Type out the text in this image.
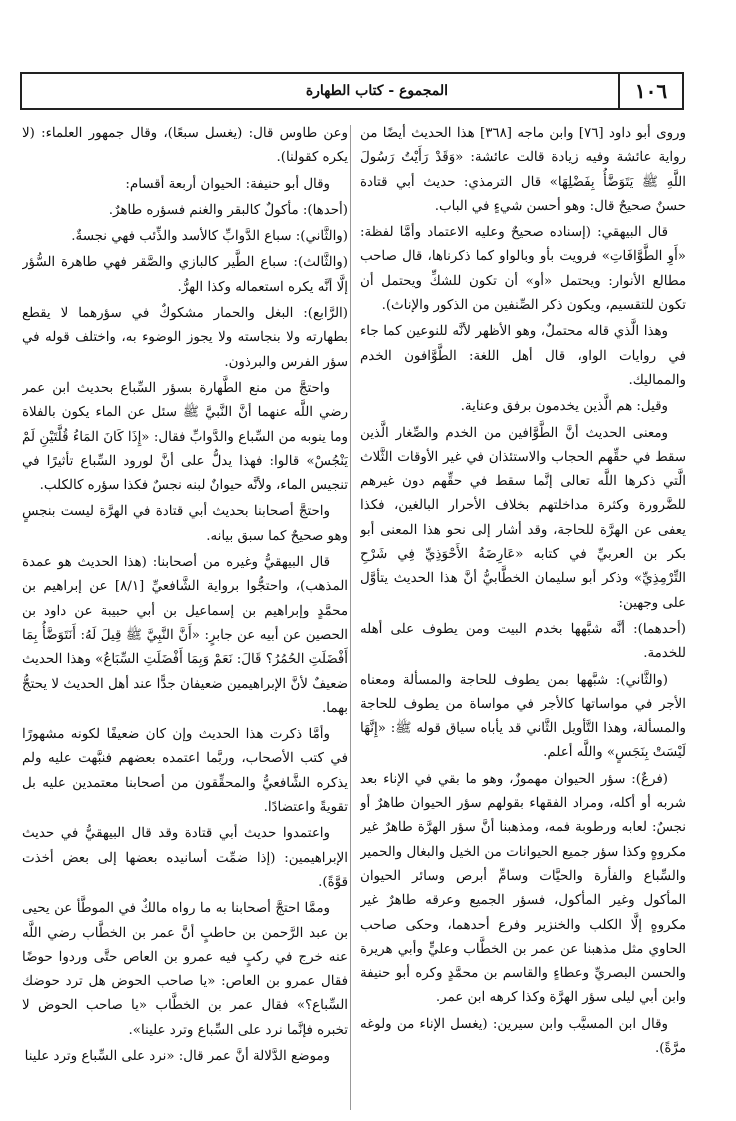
١٠٦
المجموع - كتاب الطهارة

وروى أبو داود [٧٦] وابن ماجه [٣٦٨] هذا الحديث أيضًا من رواية عائشة وفيه زيادة قالت عائشة: «وَقَدْ رَأَيْتُ رَسُولَ اللَّهِ ﷺ يَتَوَضَّأُ بِفَضْلِهَا» قال الترمذي: حديث أبي قتادة حسنٌ صحيحٌ قال: وهو أحسن شيءٍ في الباب.

قال البيهقي: (إسناده صحيحٌ وعليه الاعتماد وأمَّا لفظة: «أَوِ الطَّوَّافَاتِ» فرويت بأو وبالواو كما ذكرناها، قال صاحب مطالع الأنوار: ويحتمل «أو» أن تكون للشكِّ ويحتمل أن تكون للتقسيم، ويكون ذكر الصِّنفين من الذكور والإناث).

وهذا الَّذي قاله محتملٌ، وهو الأظهر لأنَّه للنوعين كما جاء في روايات الواو، قال أهل اللغة: الطَّوَّافون الخدم والمماليك.

وقيل: هم الَّذين يخدمون برفق وعناية.

ومعنى الحديث أنَّ الطَّوَّافين من الخدم والصِّغار الَّذين سقط في حقِّهم الحجاب والاستئذان في غير الأوقات الثَّلاث الَّتي ذكرها اللَّه تعالى إنَّما سقط في حقِّهم دون غيرهم للضَّرورة وكثرة مداخلتهم بخلاف الأحرار البالغين، فكذا يعفى عن الهرَّة للحاجة، وقد أشار إلى نحو هذا المعنى أبو بكر بن العربيِّ في كتابه «عَارِضَةُ الأَحْوَذِيِّ فِي شَرْحِ التِّرْمِذِيِّ» وذكر أبو سليمان الخطَّابيُّ أنَّ هذا الحديث يتأوَّل على وجهين:

(أحدهما): أنَّه شبَّهها بخدم البيت ومن يطوف على أهله للخدمة.

(والثَّاني): شبَّهها بمن يطوف للحاجة والمسألة ومعناه الأجر في مواساتها كالأجر في مواساة من يطوف للحاجة والمسألة، وهذا التَّأويل الثَّاني قد يأباه سياق قوله ﷺ: «إِنَّهَا لَيْسَتْ بِنَجَسٍ» واللَّه أعلم.

(فرعٌ): سؤر الحيوان مهموزٌ، وهو ما بقي في الإناء بعد شربه أو أكله، ومراد الفقهاء بقولهم سؤر الحيوان طاهرٌ أو نجسٌ: لعابه ورطوبة فمه، ومذهبنا أنَّ سؤر الهرَّة طاهرٌ غير مكروهٍ وكذا سؤر جميع الحيوانات من الخيل والبغال والحمير والسِّباع والفأرة والحيَّات وسامِّ أبرص وسائر الحيوان المأكول وغير المأكول، فسؤر الجميع وعرقه طاهرٌ غير مكروهٍ إلَّا الكلب والخنزير وفرع أحدهما، وحكى صاحب الحاوي مثل مذهبنا عن عمر بن الخطَّاب وعليٍّ وأبي هريرة والحسن البصريِّ وعطاءٍ والقاسم بن محمَّدٍ وكره أبو حنيفة وابن أبي ليلى سؤر الهرَّة وكذا كرهه ابن عمر.

وقال ابن المسيَّب وابن سيرين: (يغسل الإناء من ولوغه مرَّةً).

وعن طاوس قال: (يغسل سبعًا)، وقال جمهور العلماء: (لا يكره كقولنا).

وقال أبو حنيفة: الحيوان أربعة أقسام:

(أحدها): مأكولٌ كالبقر والغنم فسؤره طاهرٌ.

(والثَّاني): سباع الدَّوابِّ كالأسد والذِّئب فهي نجسةٌ.

(والثَّالث): سباع الطَّير كالبازي والصَّقر فهي طاهرة السُّؤر إلَّا أنَّه يكره استعماله وكذا الهرُّ.

(الرَّابع): البغل والحمار مشكوكٌ في سؤرهما لا يقطع بطهارته ولا بنجاسته ولا يجوز الوضوء به، واختلف قوله في سؤر الفرس والبرذون.

واحتجَّ من منع الطَّهارة بسؤر السِّباع بحديث ابن عمر رضي اللَّه عنهما أنَّ النَّبيَّ ﷺ سئل عن الماء يكون بالفلاة وما ينوبه من السِّباع والدَّوابِّ فقال: «إِذَا كَانَ المَاءُ قُلَّتَيْنِ لَمْ يَنْجُسْ» قالوا: فهذا يدلُّ على أنَّ لورود السِّباع تأثيرًا في تنجيس الماء، ولأنَّه حيوانٌ لبنه نجسٌ فكذا سؤره كالكلب.

واحتجَّ أصحابنا بحديث أبي قتادة في الهرَّة ليست بنجسٍ وهو صحيحٌ كما سبق بيانه.

قال البيهقيُّ وغيره من أصحابنا: (هذا الحديث هو عمدة المذهب)، واحتجُّوا برواية الشَّافعيِّ [٨/١] عن إبراهيم بن محمَّدٍ وإبراهيم بن إسماعيل بن أبي حبيبة عن داود بن الحصين عن أبيه عن جابرٍ: «أَنَّ النَّبِيَّ ﷺ قِيلَ لَهُ: أَنَتَوَضَّأُ بِمَا أَفْضَلَتِ الحُمُرُ؟ قَالَ: نَعَمْ وَبِمَا أَفْضَلَتِ السِّبَاعُ» وهذا الحديث ضعيفٌ لأنَّ الإبراهيمين ضعيفان جدًّا عند أهل الحديث لا يحتجُّ بهما.

وأمَّا ذكرت هذا الحديث وإن كان ضعيفًا لكونه مشهورًا في كتب الأصحاب، وربَّما اعتمده بعضهم فنبَّهت عليه ولم يذكره الشَّافعيُّ والمحقِّقون من أصحابنا معتمدين عليه بل تقويةً واعتضادًا.

واعتمدوا حديث أبي قتادة وقد قال البيهقيُّ في حديث الإبراهيمين: (إذا ضمِّت أسانيده بعضها إلى بعض أخذت قوَّةً).

وممَّا احتجَّ أصحابنا به ما رواه مالكٌ في الموطَّأ عن يحيى بن عبد الرَّحمن بن حاطبٍ أنَّ عمر بن الخطَّاب رضي اللَّه عنه خرج في ركبٍ فيه عمرو بن العاص حتَّى وردوا حوضًا فقال عمرو بن العاص: «يا صاحب الحوض هل ترد حوضك السِّباع؟» فقال عمر بن الخطَّاب «يا صاحب الحوض لا تخبره فإنَّما نرد على السِّباع وترد علينا».

وموضع الدَّلالة أنَّ عمر قال: «نرد على السِّباع وترد علينا
